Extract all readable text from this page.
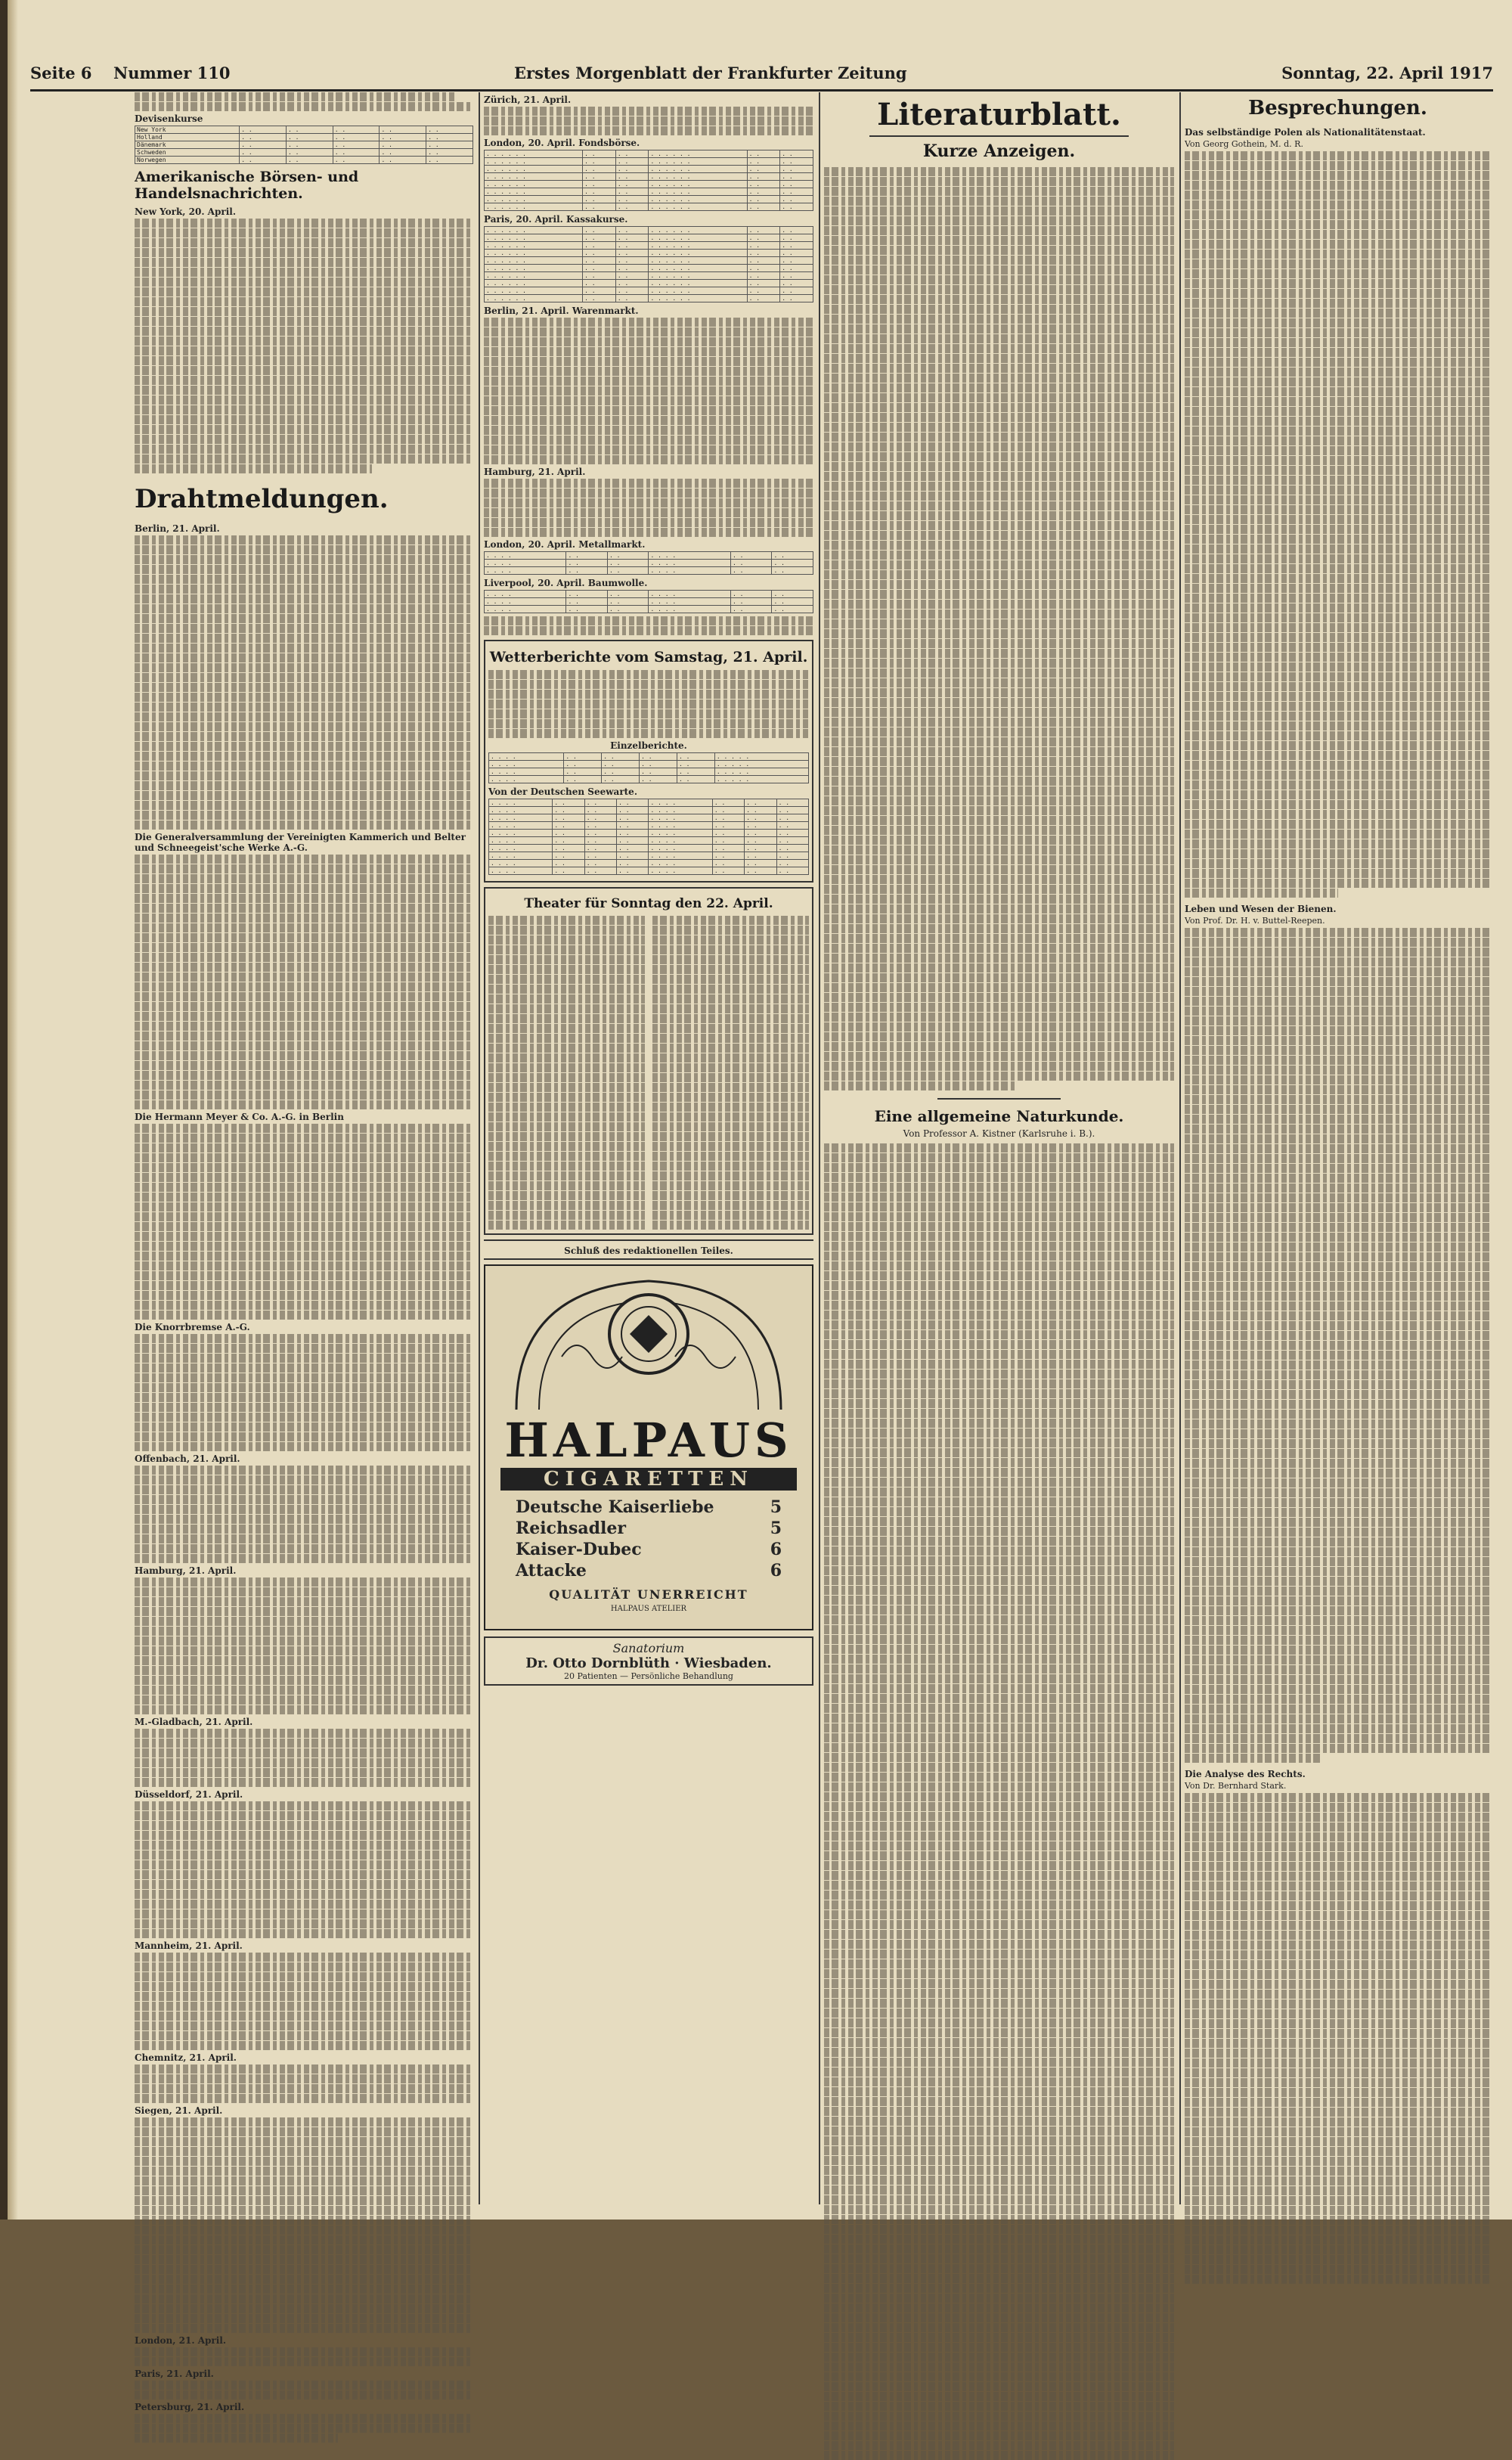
Seite 6 Nummer 110	Erstes Morgenblatt der Frankfurter Zeitung	Sonntag, 22. April 1917
Devisenkurse
New York	. .	. .	. .	. .	. .
Holland	. .	. .	. .	. .	. .
Dänemark	. .	. .	. .	. .	. .
Schweden	. .	. .	. .	. .	. .
Norwegen	. .	. .	. .	. .	. .
Amerikanische Börsen- und Handelsnachrichten.
New York, 20. April.
Drahtmeldungen.
Berlin, 21. April.
Die Generalversammlung der Vereinigten Kammerich und Belter und Schneegeist'sche Werke A.-G.
Die Hermann Meyer & Co. A.-G. in Berlin
Die Knorrbremse A.-G.
Offenbach, 21. April.
Hamburg, 21. April.
M.-Gladbach, 21. April.
Düsseldorf, 21. April.
Mannheim, 21. April.
Chemnitz, 21. April.
Siegen, 21. April.
London, 21. April.
Paris, 21. April.
Petersburg, 21. April.
Zürich, 21. April.
London, 20. April. Fondsbörse.
. . . . . .	. .	. .	. . . . . .	. .	. .
. . . . . .	. .	. .	. . . . . .	. .	. .
. . . . . .	. .	. .	. . . . . .	. .	. .
. . . . . .	. .	. .	. . . . . .	. .	. .
. . . . . .	. .	. .	. . . . . .	. .	. .
. . . . . .	. .	. .	. . . . . .	. .	. .
. . . . . .	. .	. .	. . . . . .	. .	. .
. . . . . .	. .	. .	. . . . . .	. .	. .
Paris, 20. April. Kassakurse.
. . . . . .	. .	. .	. . . . . .	. .	. .
. . . . . .	. .	. .	. . . . . .	. .	. .
. . . . . .	. .	. .	. . . . . .	. .	. .
. . . . . .	. .	. .	. . . . . .	. .	. .
. . . . . .	. .	. .	. . . . . .	. .	. .
. . . . . .	. .	. .	. . . . . .	. .	. .
. . . . . .	. .	. .	. . . . . .	. .	. .
. . . . . .	. .	. .	. . . . . .	. .	. .
. . . . . .	. .	. .	. . . . . .	. .	. .
. . . . . .	. .	. .	. . . . . .	. .	. .
Berlin, 21. April. Warenmarkt.
Hamburg, 21. April.
London, 20. April. Metallmarkt.
. . . .	. .	. .	. . . .	. .	. .
. . . .	. .	. .	. . . .	. .	. .
. . . .	. .	. .	. . . .	. .	. .
Liverpool, 20. April. Baumwolle.
. . . .	. .	. .	. . . .	. .	. .
. . . .	. .	. .	. . . .	. .	. .
. . . .	. .	. .	. . . .	. .	. .
Wetterberichte vom Samstag, 21. April.
Einzelberichte.
. . . .	. .	. .	. .	. .	. . . . .
. . . .	. .	. .	. .	. .	. . . . .
. . . .	. .	. .	. .	. .	. . . . .
. . . .	. .	. .	. .	. .	. . . . .
Von der Deutschen Seewarte.
. . . .	. .	. .	. .	. . . .	. .	. .	. .
. . . .	. .	. .	. .	. . . .	. .	. .	. .
. . . .	. .	. .	. .	. . . .	. .	. .	. .
. . . .	. .	. .	. .	. . . .	. .	. .	. .
. . . .	. .	. .	. .	. . . .	. .	. .	. .
. . . .	. .	. .	. .	. . . .	. .	. .	. .
. . . .	. .	. .	. .	. . . .	. .	. .	. .
. . . .	. .	. .	. .	. . . .	. .	. .	. .
. . . .	. .	. .	. .	. . . .	. .	. .	. .
. . . .	. .	. .	. .	. . . .	. .	. .	. .
Theater für Sonntag den 22. April.
Schluß des redaktionellen Teiles.
HALPAUS
CIGARETTEN
Deutsche Kaiserliebe	5
Reichsadler	5
Kaiser-Dubec	6
Attacke	6
QUALITÄT UNERREICHT
HALPAUS ATELIER
Sanatorium
Dr. Otto Dornblüth · Wiesbaden.
20 Patienten — Persönliche Behandlung
Literaturblatt.
Kurze Anzeigen.
Eine allgemeine Naturkunde.
Von Professor A. Kistner (Karlsruhe i. B.).
Besprechungen.
Das selbständige Polen als Nationalitätenstaat.
Von Georg Gothein, M. d. R.
Leben und Wesen der Bienen.
Von Prof. Dr. H. v. Buttel-Reepen.
Die Analyse des Rechts.
Von Dr. Bernhard Stark.
